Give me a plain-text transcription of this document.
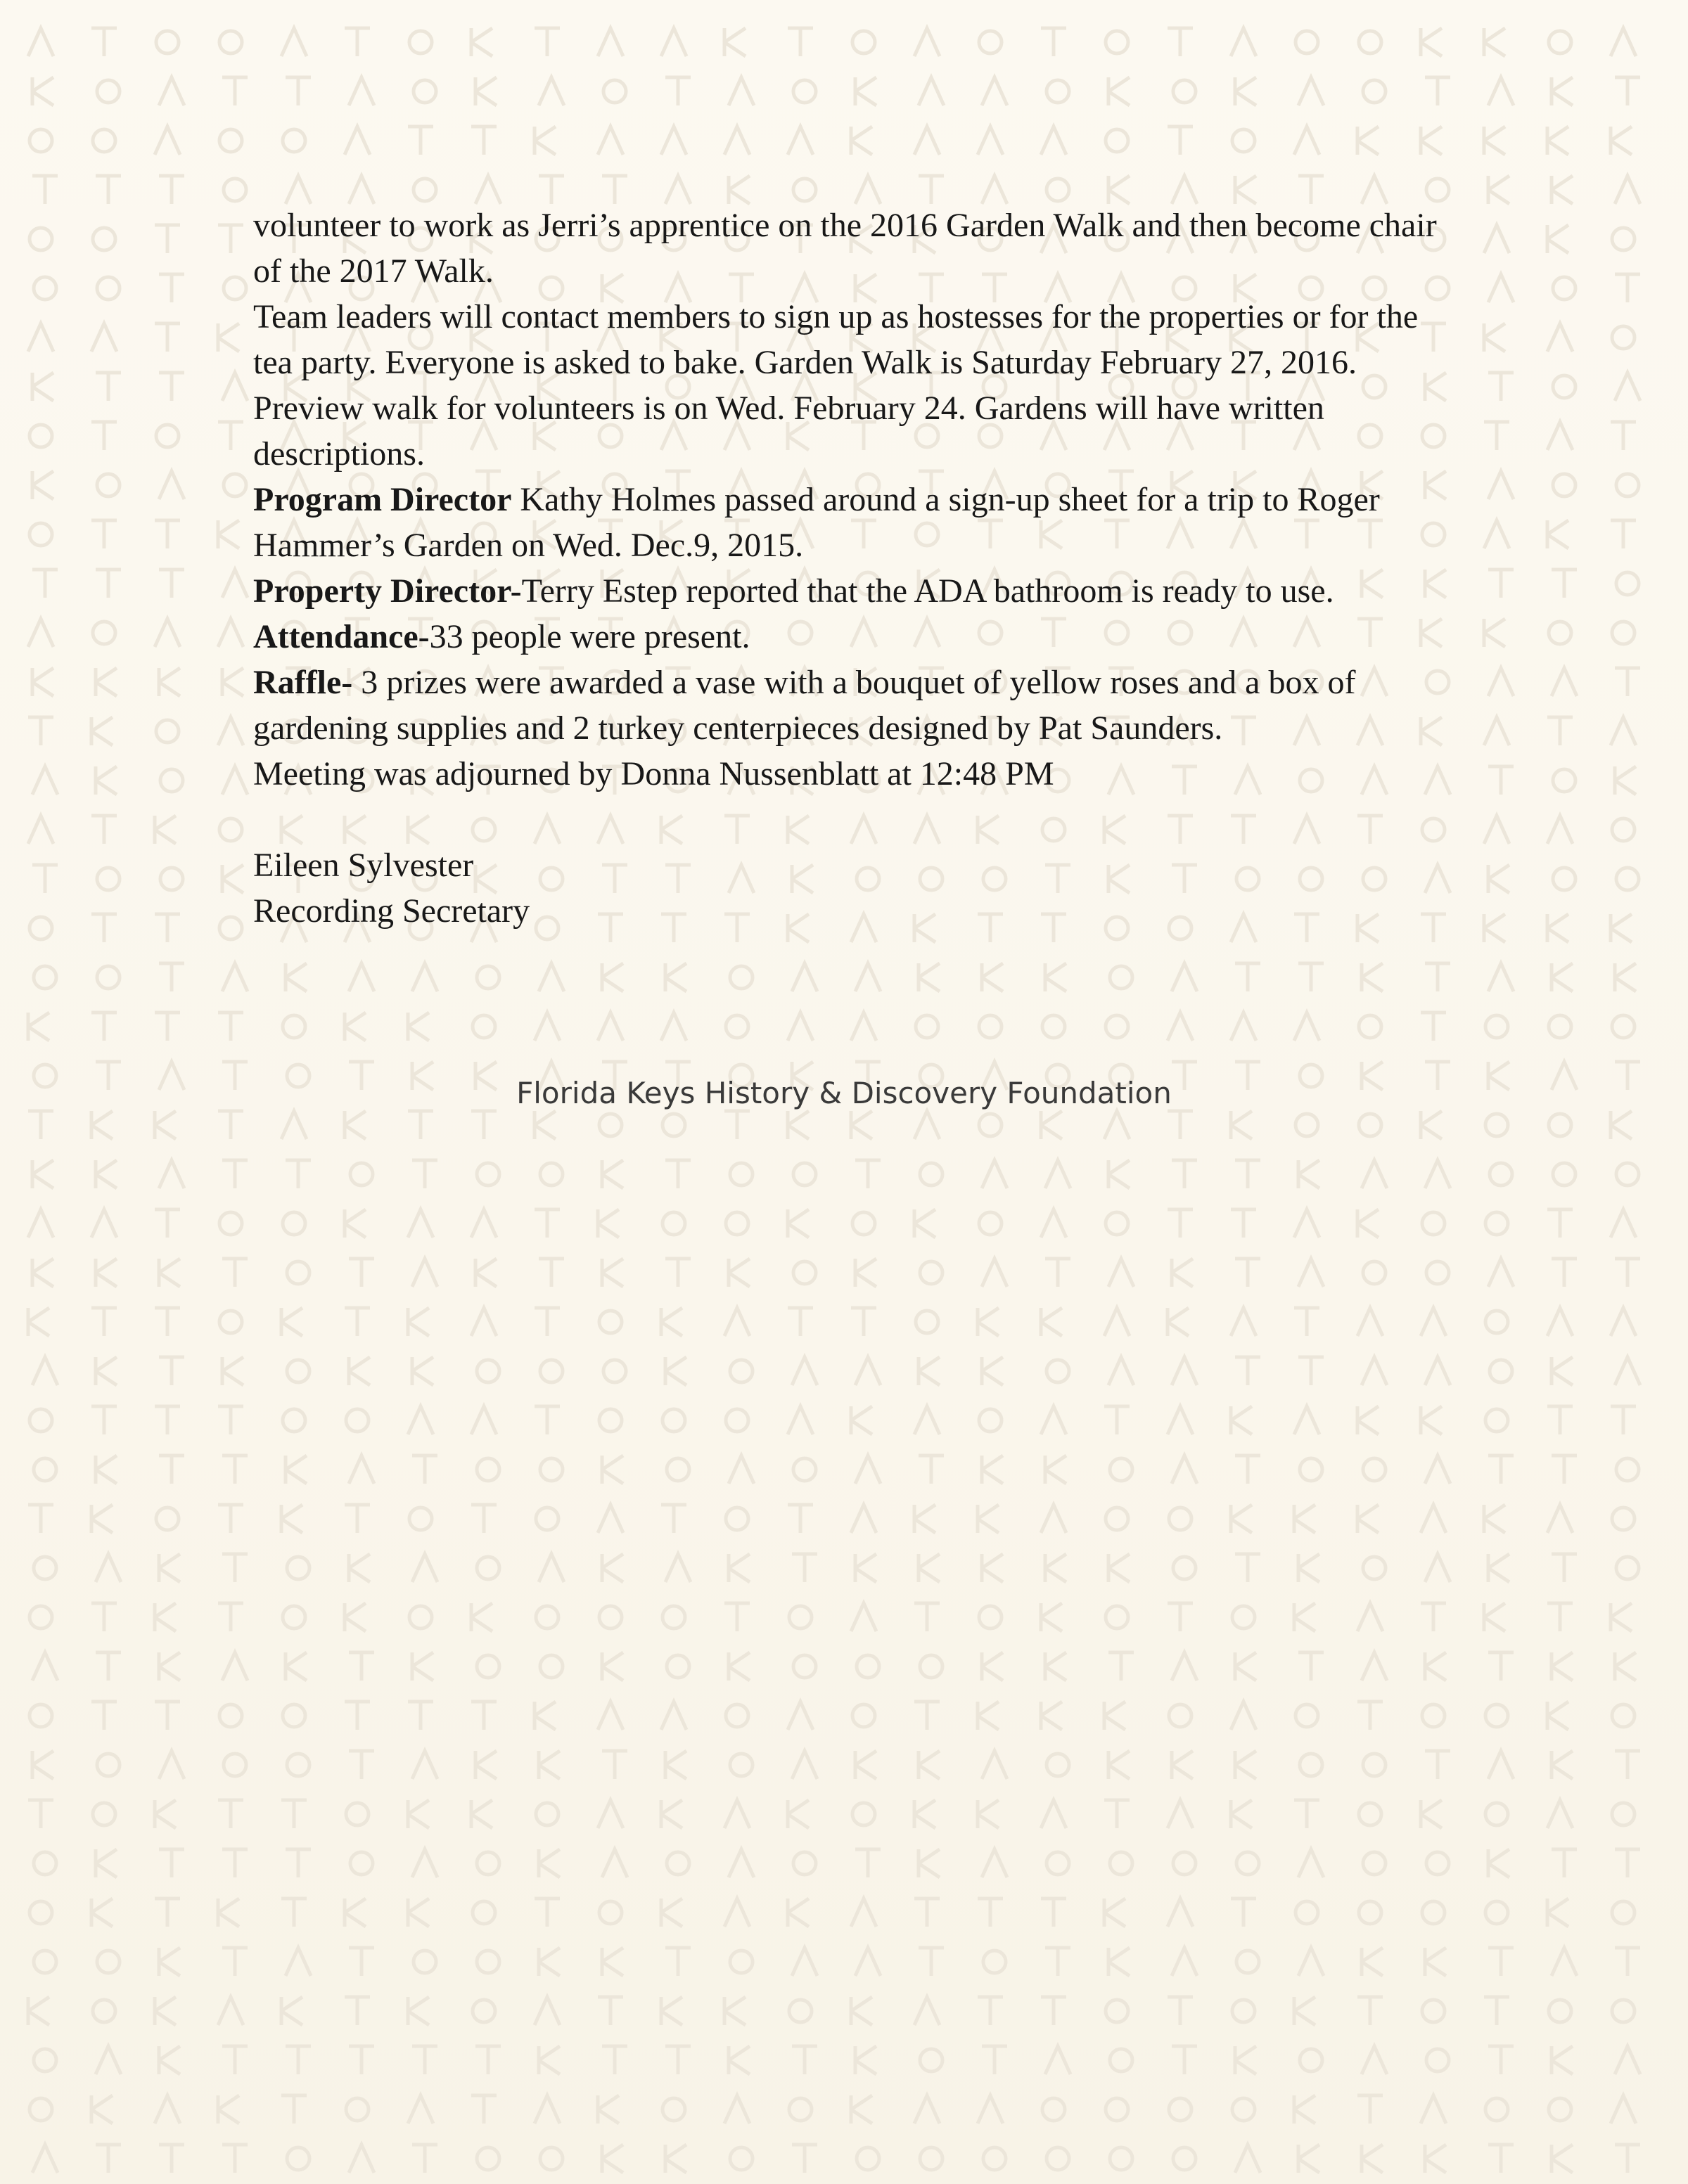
volunteer to work as Jerri’s apprentice on the 2016 Garden Walk and then become chair of the 2017 Walk.

Team leaders will contact members to sign up as hostesses for the properties or for the tea party. Everyone is asked to bake. Garden Walk is Saturday February 27, 2016. Preview walk for volunteers is on Wed. February 24. Gardens will have written descriptions.

Program Director Kathy Holmes passed around a sign-up sheet for a trip to Roger Hammer’s Garden on Wed. Dec.9, 2015.

Property Director-Terry Estep reported that the ADA bathroom is ready to use.

Attendance-33 people were present.

Raffle- 3 prizes were awarded a vase with a bouquet of yellow roses and a box of gardening supplies and 2 turkey centerpieces designed by Pat Saunders.

Meeting was adjourned by Donna Nussenblatt at 12:48 PM

Eileen Sylvester

Recording Secretary

Florida Keys History & Discovery Foundation
